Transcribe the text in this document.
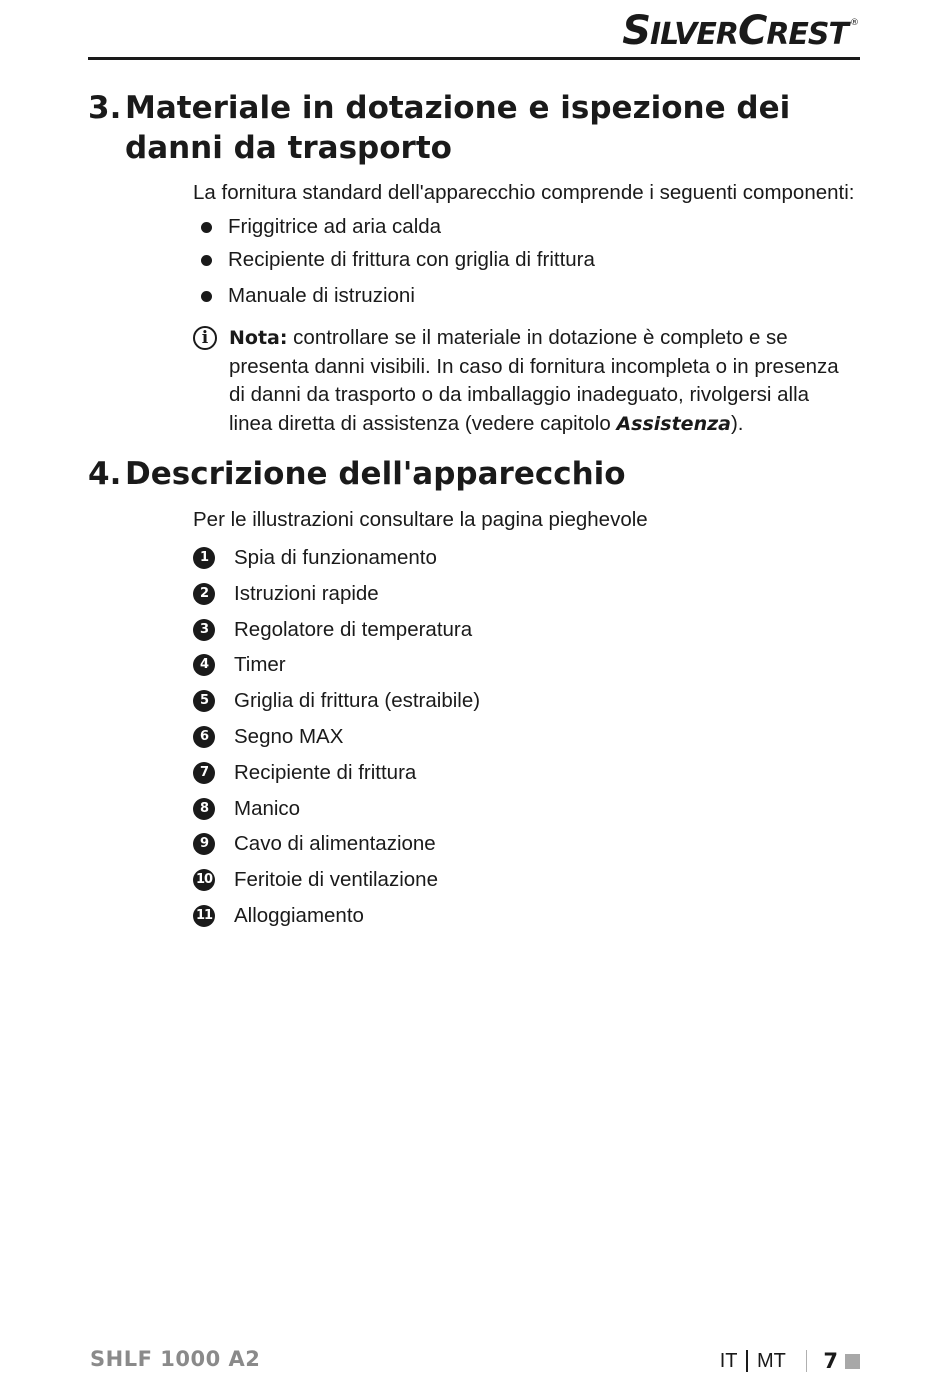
SILVERCREST ®
3. Materiale in dotazione e ispezione dei danni da trasporto
La fornitura standard dell'apparecchio comprende i seguenti componenti:
Friggitrice ad aria calda
Recipiente di frittura con griglia di frittura
Manuale di istruzioni
i	Nota: controllare se il materiale in dotazione è completo e se
presenta danni visibili. In caso di fornitura incompleta o in presenza
di danni da trasporto o da imballaggio inadeguato, rivolgersi alla
linea diretta di assistenza (vedere capitolo Assistenza).
4. Descrizione dell'apparecchio
Per le illustrazioni consultare la pagina pieghevole
1	Spia di funzionamento
2	Istruzioni rapide
3	Regolatore di temperatura
4	Timer
5	Griglia di frittura (estraibile)
6	Segno MAX
7	Recipiente di frittura
8	Manico
9	Cavo di alimentazione
10 Feritoie di ventilazione
11 Alloggiamento
SHLF 1000 A2	IT MT 7
